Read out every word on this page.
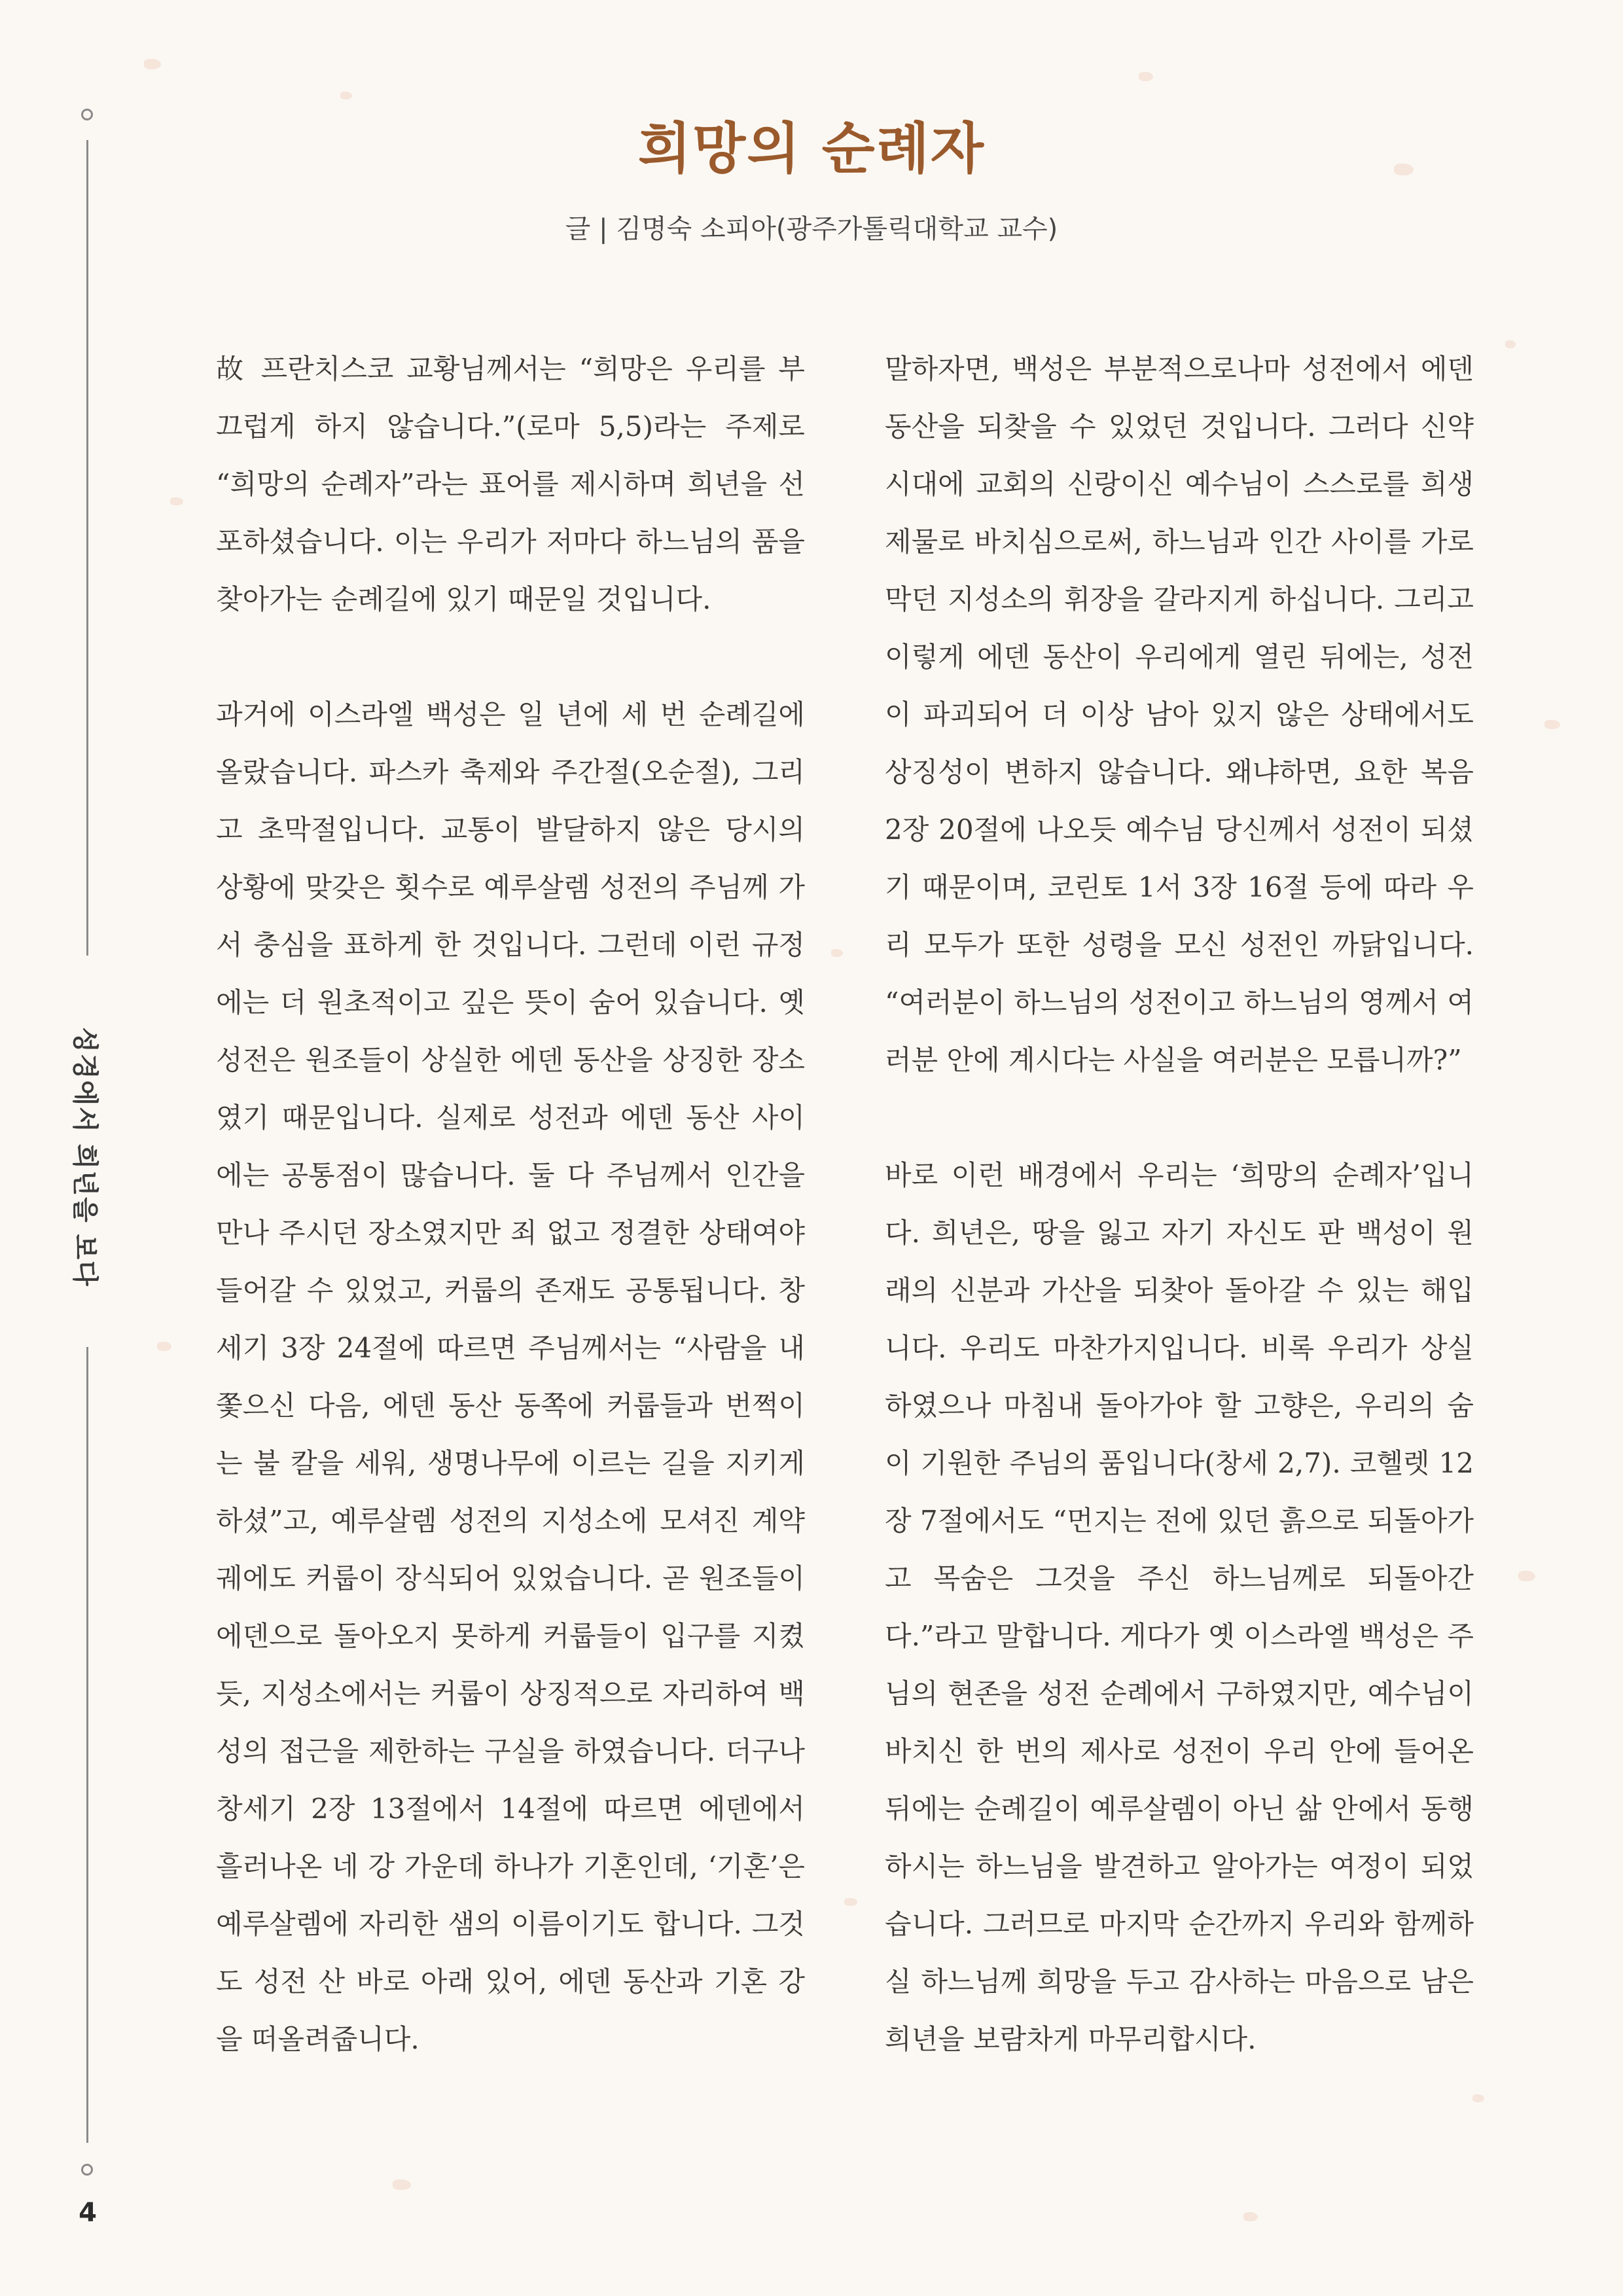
희망의 순례자
글 | 김명숙 소피아(광주가톨릭대학교 교수)
성경에서 희년을 보다
4

故 프란치스코 교황님께서는 “희망은 우리를 부끄럽게 하지 않습니다.”(로마 5,5)라는 주제로 “희망의 순례자”라는 표어를 제시하며 희년을 선포하셨습니다. 이는 우리가 저마다 하느님의 품을 찾아가는 순례길에 있기 때문일 것입니다.

과거에 이스라엘 백성은 일 년에 세 번 순례길에 올랐습니다. 파스카 축제와 주간절(오순절), 그리고 초막절입니다. 교통이 발달하지 않은 당시의 상황에 맞갖은 횟수로 예루살렘 성전의 주님께 가서 충심을 표하게 한 것입니다. 그런데 이런 규정에는 더 원초적이고 깊은 뜻이 숨어 있습니다. 옛 성전은 원조들이 상실한 에덴 동산을 상징한 장소였기 때문입니다. 실제로 성전과 에덴 동산 사이에는 공통점이 많습니다. 둘 다 주님께서 인간을 만나 주시던 장소였지만 죄 없고 정결한 상태여야 들어갈 수 있었고, 커룹의 존재도 공통됩니다. 창세기 3장 24절에 따르면 주님께서는 “사람을 내쫓으신 다음, 에덴 동산 동쪽에 커룹들과 번쩍이는 불 칼을 세워, 생명나무에 이르는 길을 지키게 하셨”고, 예루살렘 성전의 지성소에 모셔진 계약 궤에도 커룹이 장식되어 있었습니다. 곧 원조들이 에덴으로 돌아오지 못하게 커룹들이 입구를 지켰듯, 지성소에서는 커룹이 상징적으로 자리하여 백성의 접근을 제한하는 구실을 하였습니다. 더구나 창세기 2장 13절에서 14절에 따르면 에덴에서 흘러나온 네 강 가운데 하나가 기혼인데, ‘기혼’은 예루살렘에 자리한 샘의 이름이기도 합니다. 그것도 성전 산 바로 아래 있어, 에덴 동산과 기혼 강을 떠올려줍니다.

말하자면, 백성은 부분적으로나마 성전에서 에덴 동산을 되찾을 수 있었던 것입니다. 그러다 신약 시대에 교회의 신랑이신 예수님이 스스로를 희생 제물로 바치심으로써, 하느님과 인간 사이를 가로막던 지성소의 휘장을 갈라지게 하십니다. 그리고 이렇게 에덴 동산이 우리에게 열린 뒤에는, 성전이 파괴되어 더 이상 남아 있지 않은 상태에서도 상징성이 변하지 않습니다. 왜냐하면, 요한 복음 2장 20절에 나오듯 예수님 당신께서 성전이 되셨기 때문이며, 코린토 1서 3장 16절 등에 따라 우리 모두가 또한 성령을 모신 성전인 까닭입니다. “여러분이 하느님의 성전이고 하느님의 영께서 여러분 안에 계시다는 사실을 여러분은 모릅니까?”

바로 이런 배경에서 우리는 ‘희망의 순례자’입니다. 희년은, 땅을 잃고 자기 자신도 판 백성이 원래의 신분과 가산을 되찾아 돌아갈 수 있는 해입니다. 우리도 마찬가지입니다. 비록 우리가 상실하였으나 마침내 돌아가야 할 고향은, 우리의 숨이 기원한 주님의 품입니다(창세 2,7). 코헬렛 12장 7절에서도 “먼지는 전에 있던 흙으로 되돌아가고 목숨은 그것을 주신 하느님께로 되돌아간다.”라고 말합니다. 게다가 옛 이스라엘 백성은 주님의 현존을 성전 순례에서 구하였지만, 예수님이 바치신 한 번의 제사로 성전이 우리 안에 들어온 뒤에는 순례길이 예루살렘이 아닌 삶 안에서 동행하시는 하느님을 발견하고 알아가는 여정이 되었습니다. 그러므로 마지막 순간까지 우리와 함께하실 하느님께 희망을 두고 감사하는 마음으로 남은 희년을 보람차게 마무리합시다.
